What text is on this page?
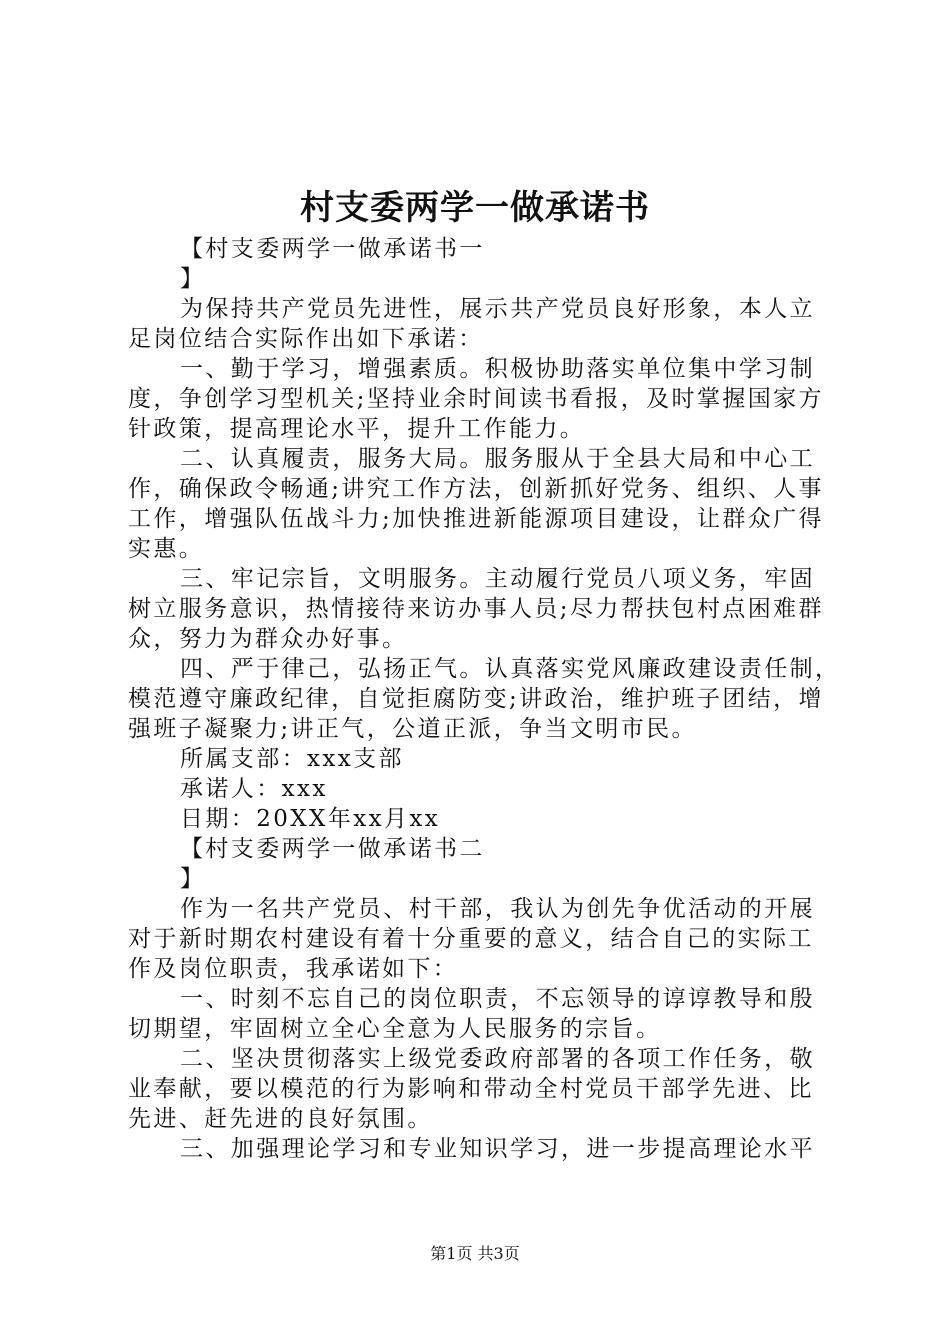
村支委两学一做承诺书
【村支委两学一做承诺书一
】
为保持共产党员先进性，展示共产党员良好形象，本人立
足岗位结合实际作出如下承诺：
一、勤于学习，增强素质。积极协助落实单位集中学习制
度，争创学习型机关;坚持业余时间读书看报，及时掌握国家方
针政策，提高理论水平，提升工作能力。
二、认真履责，服务大局。服务服从于全县大局和中心工
作，确保政令畅通;讲究工作方法，创新抓好党务、组织、人事
工作，增强队伍战斗力;加快推进新能源项目建设，让群众广得
实惠。
三、牢记宗旨，文明服务。主动履行党员八项义务，牢固
树立服务意识，热情接待来访办事人员;尽力帮扶包村点困难群
众，努力为群众办好事。
四、严于律己，弘扬正气。认真落实党风廉政建设责任制，
模范遵守廉政纪律，自觉拒腐防变;讲政治，维护班子团结，增
强班子凝聚力;讲正气，公道正派，争当文明市民。
所属支部：xxx支部
承诺人：xxx
日期：20XX年xx月xx
【村支委两学一做承诺书二
】
作为一名共产党员、村干部，我认为创先争优活动的开展
对于新时期农村建设有着十分重要的意义，结合自己的实际工
作及岗位职责，我承诺如下：
一、时刻不忘自己的岗位职责，不忘领导的谆谆教导和殷
切期望，牢固树立全心全意为人民服务的宗旨。
二、坚决贯彻落实上级党委政府部署的各项工作任务，敬
业奉献，要以模范的行为影响和带动全村党员干部学先进、比
先进、赶先进的良好氛围。
三、加强理论学习和专业知识学习，进一步提高理论水平
第1页 共3页
